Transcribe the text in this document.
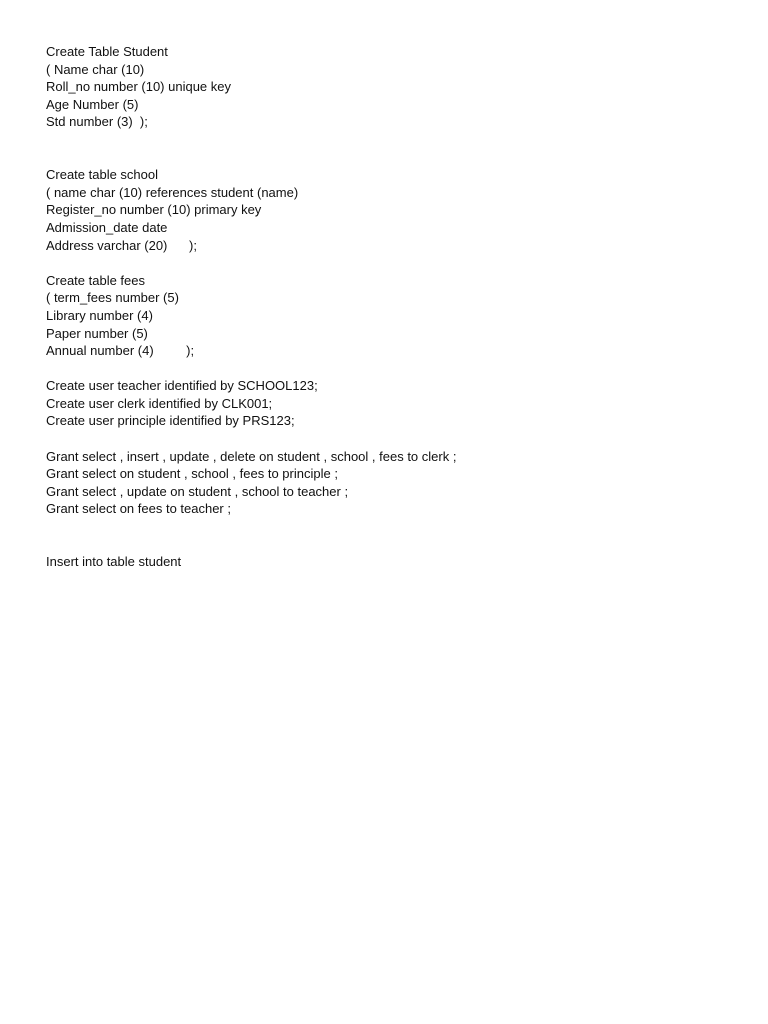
Create Table Student
( Name char (10)
Roll_no number (10) unique key
Age Number (5)
Std number (3)  );
Create table school
( name char (10) references student (name)
Register_no number (10) primary key
Admission_date date
Address varchar (20)      );
Create table fees
( term_fees number (5)
Library number (4)
Paper number (5)
Annual number (4)         );
Create user teacher identified by SCHOOL123;
Create user clerk identified by CLK001;
Create user principle identified by PRS123;
Grant select , insert , update , delete on student , school , fees to clerk ;
Grant select on student , school , fees to principle ;
Grant select , update on student , school to teacher ;
Grant select on fees to teacher ;
Insert into table student
